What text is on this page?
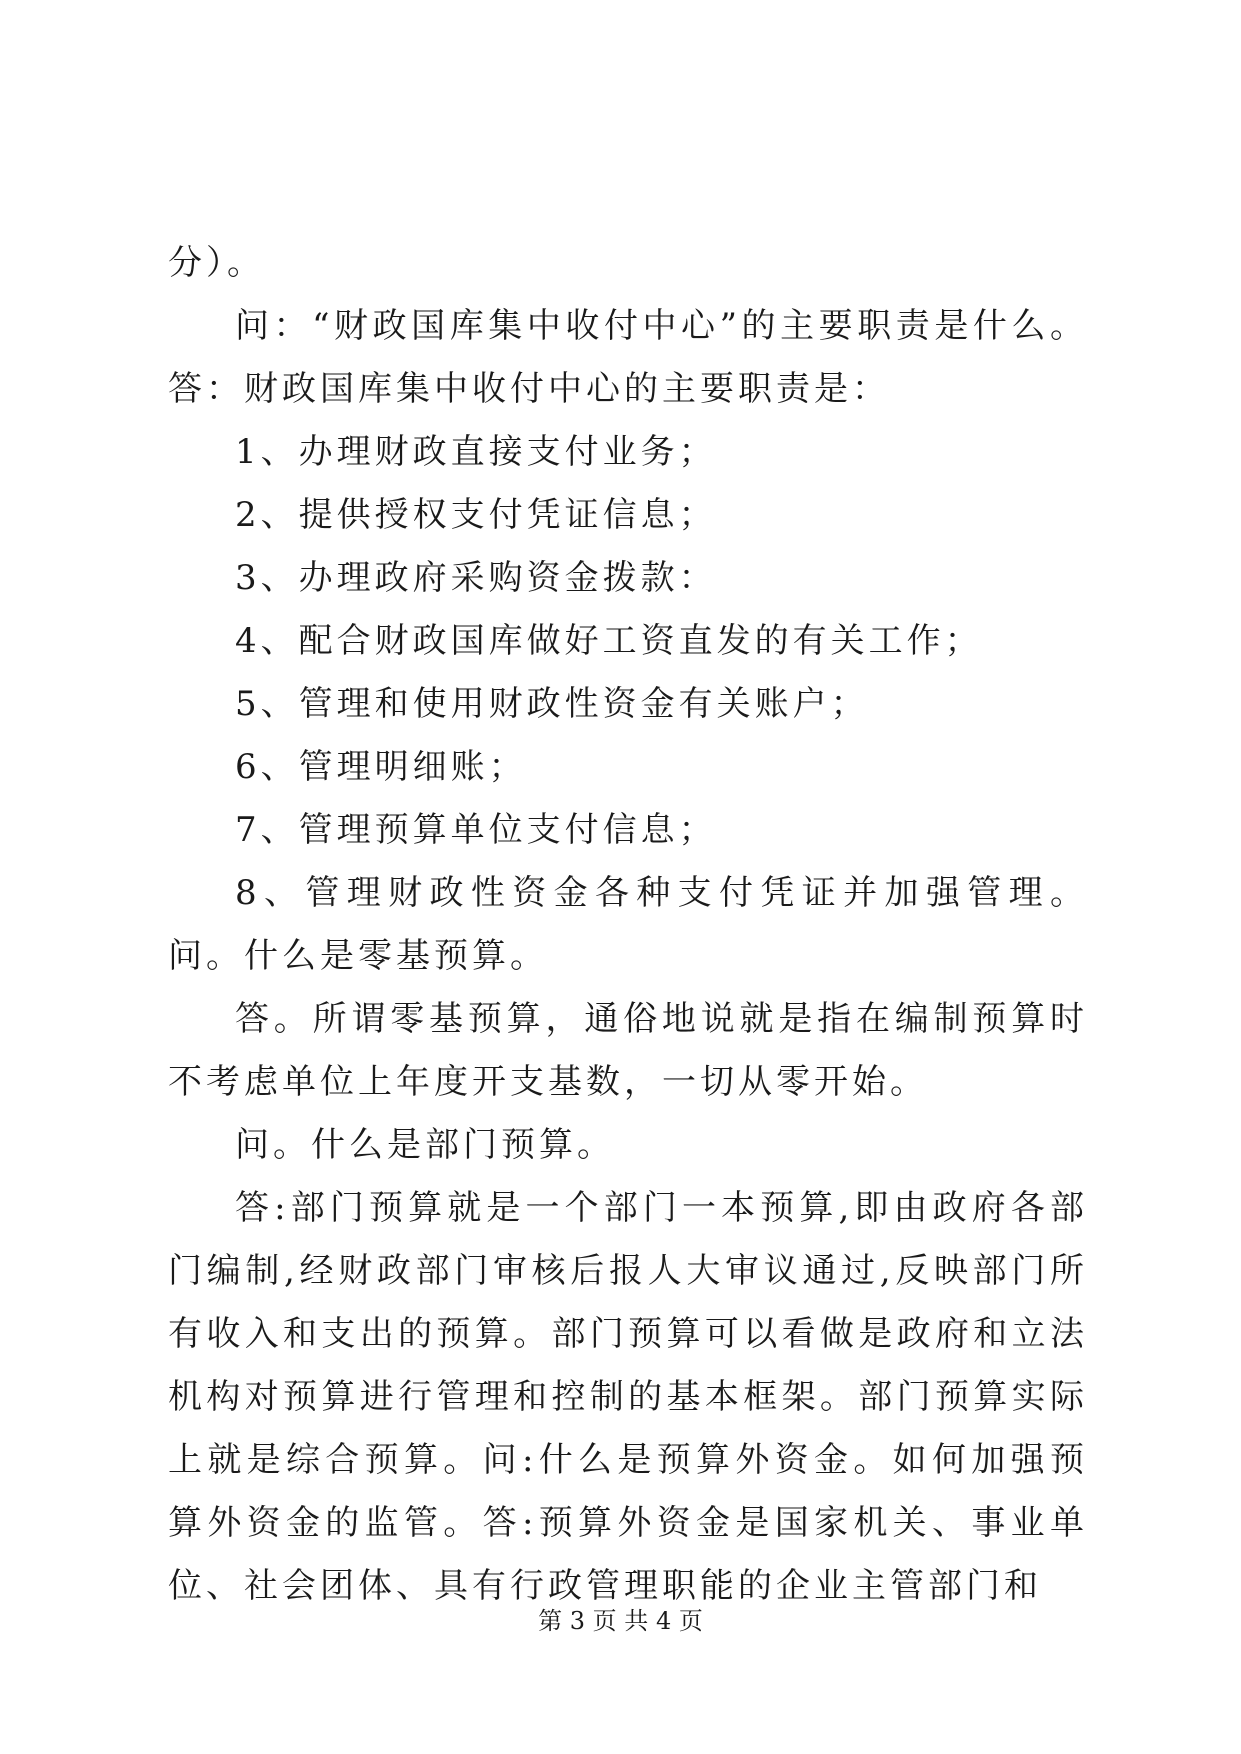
分）。

问：“财政国库集中收付中心”的主要职责是什么。答：财政国库集中收付中心的主要职责是：

1、办理财政直接支付业务；

2、提供授权支付凭证信息；

3、办理政府采购资金拨款：

4、配合财政国库做好工资直发的有关工作；

5、管理和使用财政性资金有关账户；

6、管理明细账；

7、管理预算单位支付信息；

8、管理财政性资金各种支付凭证并加强管理。问。什么是零基预算。

答。所谓零基预算，通俗地说就是指在编制预算时不考虑单位上年度开支基数，一切从零开始。

问。什么是部门预算。

答:部门预算就是一个部门一本预算,即由政府各部门编制,经财政部门审核后报人大审议通过,反映部门所有收入和支出的预算。部门预算可以看做是政府和立法机构对预算进行管理和控制的基本框架。部门预算实际上就是综合预算。问:什么是预算外资金。如何加强预算外资金的监管。答:预算外资金是国家机关、事业单位、社会团体、具有行政管理职能的企业主管部门和

第 3 页 共 4 页
